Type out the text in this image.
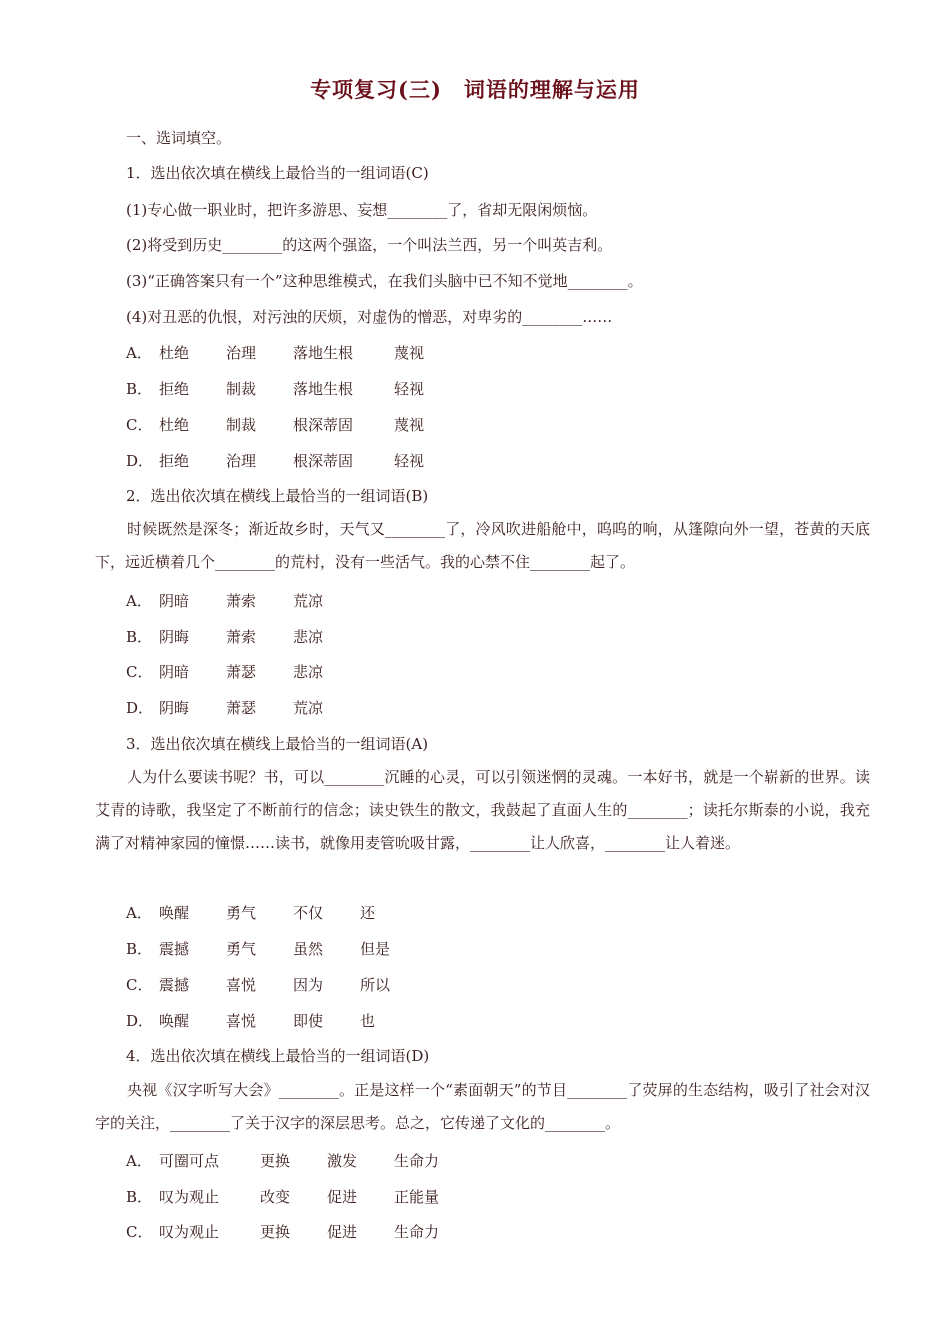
专项复习(三)　词语的理解与运用
一、选词填空。
1．选出依次填在横线上最恰当的一组词语(C)
(1)专心做一职业时，把许多游思、妄想________了，省却无限闲烦恼。
(2)将受到历史________的这两个强盗，一个叫法兰西，另一个叫英吉利。
(3)“正确答案只有一个”这种思维模式，在我们头脑中已不知不觉地________。
(4)对丑恶的仇恨，对污浊的厌烦，对虚伪的憎恶，对卑劣的________……
A． 杜绝 治理 落地生根	蔑视
B． 拒绝 制裁 落地生根	轻视
C． 杜绝 制裁 根深蒂固	蔑视
D． 拒绝 治理 根深蒂固	轻视
2．选出依次填在横线上最恰当的一组词语(B)
时候既然是深冬；渐近故乡时，天气又________了，冷风吹进船舱中，呜呜的响，从篷隙向外一望，苍黄的天底下，远近横着几个________的荒村，没有一些活气。我的心禁不住________起了。
A． 阴暗 萧索 荒凉
B． 阴晦 萧索 悲凉
C． 阴暗 萧瑟 悲凉
D． 阴晦 萧瑟 荒凉
3．选出依次填在横线上最恰当的一组词语(A)
人为什么要读书呢？书，可以________沉睡的心灵，可以引领迷惘的灵魂。一本好书，就是一个崭新的世界。读艾青的诗歌，我坚定了不断前行的信念；读史铁生的散文，我鼓起了直面人生的________；读托尔斯泰的小说，我充满了对精神家园的憧憬……读书，就像用麦管吮吸甘露，________让人欣喜，________让人着迷。
A． 唤醒 勇气 不仅 还
B． 震撼 勇气 虽然 但是
C． 震撼 喜悦 因为 所以
D． 唤醒 喜悦 即使 也
4．选出依次填在横线上最恰当的一组词语(D)
央视《汉字听写大会》________。正是这样一个“素面朝天”的节目________了荧屏的生态结构，吸引了社会对汉字的关注，________了关于汉字的深层思考。总之，它传递了文化的________。
A． 可圈可点	更换 激发 生命力
B． 叹为观止	改变 促进 正能量
C． 叹为观止	更换 促进 生命力
